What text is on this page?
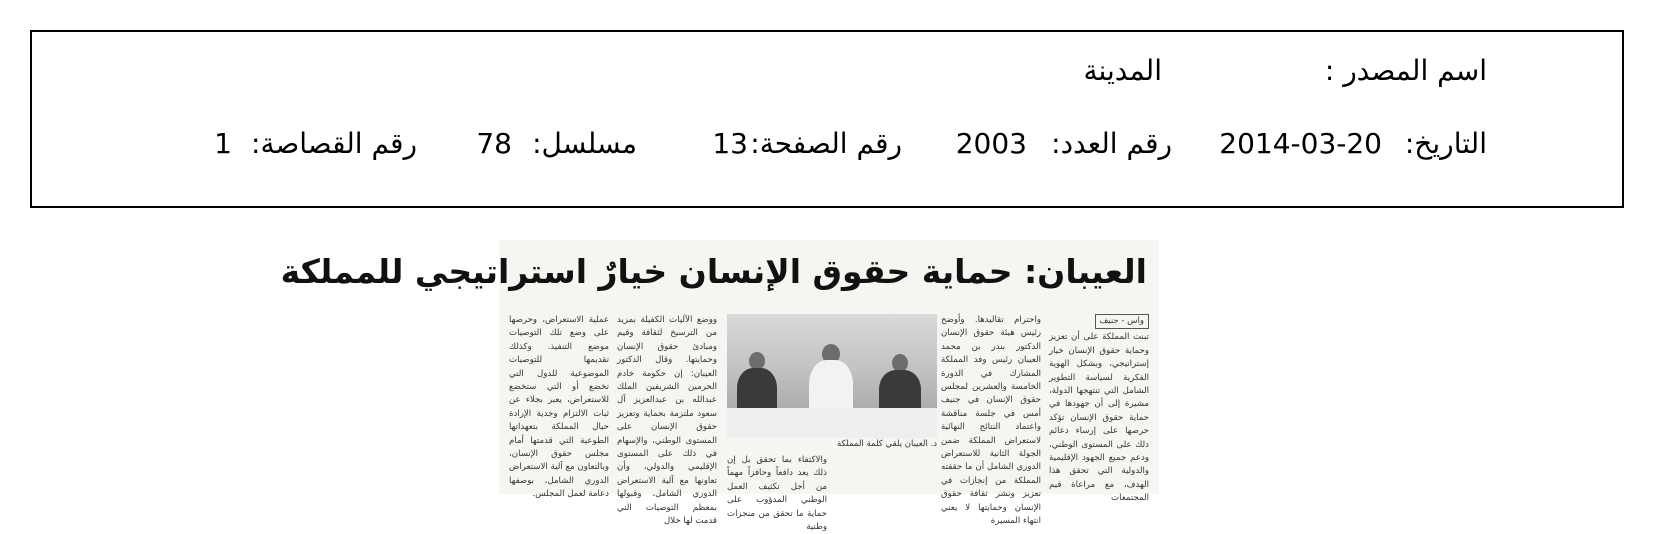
اسم المصدر :
المدينة
التاريخ:
2014-03-20
رقم العدد:
2003
رقم الصفحة:
13
مسلسل:
78
رقم القصاصة:
1
العيبان: حماية حقوق الإنسان خيارٌ استراتيجي للمملكة
واس - جنيف

تبنت المملكة على أن تعزيز وحماية حقوق الإنسان خيار إستراتيجي، وبشكل الهوية الفكرية لسياسة التطوير الشامل التي تنتهجها الدولة، مشيرة إلى أن جهودها في حماية حقوق الإنسان تؤكد حرصها على إرساء دعائم ذلك على المستوى الوطني، ودعم جميع الجهود الإقليمية والدولية التي تحقق هذا الهدف، مع مراعاة قيم المجتمعات

واحترام تقاليدها. وأوضح رئيس هيئة حقوق الإنسان الدكتور بندر بن محمد العيبان رئيس وفد المملكة المشارك في الدورة الخامسة والعشرين لمجلس حقوق الإنسان في جنيف أمس في جلسة مناقشة واعتماد النتائج النهائية لاستعراض المملكة ضمن الجولة الثانية للاستعراض الدوري الشامل أن ما حققته المملكة من إنجازات في تعزيز ونشر ثقافة حقوق الإنسان وحمايتها لا يعني انتهاء المسيرة

د. العيبان يلقي كلمة المملكة

والاكتفاء بما تحقق بل إن ذلك يعد دافعاً وحافزاً مهماً من أجل تكثيف العمل الوطني المدؤوب على حماية ما تحقق من منجزات وطنية

ووضع الآليات الكفيلة بمزيد من الترسيخ لثقافة وقيم ومبادئ حقوق الإنسان وحمايتها. وقال الدكتور العيبان: إن حكومة خادم الحرمين الشريفين الملك عبدالله بن عبدالعزيز آل سعود ملتزمة بحماية وتعزيز حقوق الإنسان على المستوى الوطني، والإسهام في ذلك على المستوى الإقليمي والدولي، وأن تعاونها مع آلية الاستعراض الدوري الشامل، وقبولها بمعظم التوصيات التي قدمت لها خلال

عملية الاستعراض، وحرصها على وضع تلك التوصيات موضع التنفيذ. وكذلك تقديمها للتوصيات الموضوعية للدول التي تخضع أو التي ستخضع للاستعراض، يعبر بجلاء عن ثبات الالتزام وجدية الإرادة حيال المملكة بتعهداتها الطوعية التي قدمتها أمام مجلس حقوق الإنسان، وبالتعاون مع آلية الاستعراض الدوري الشامل، بوصفها دعامة لعمل المجلس.
